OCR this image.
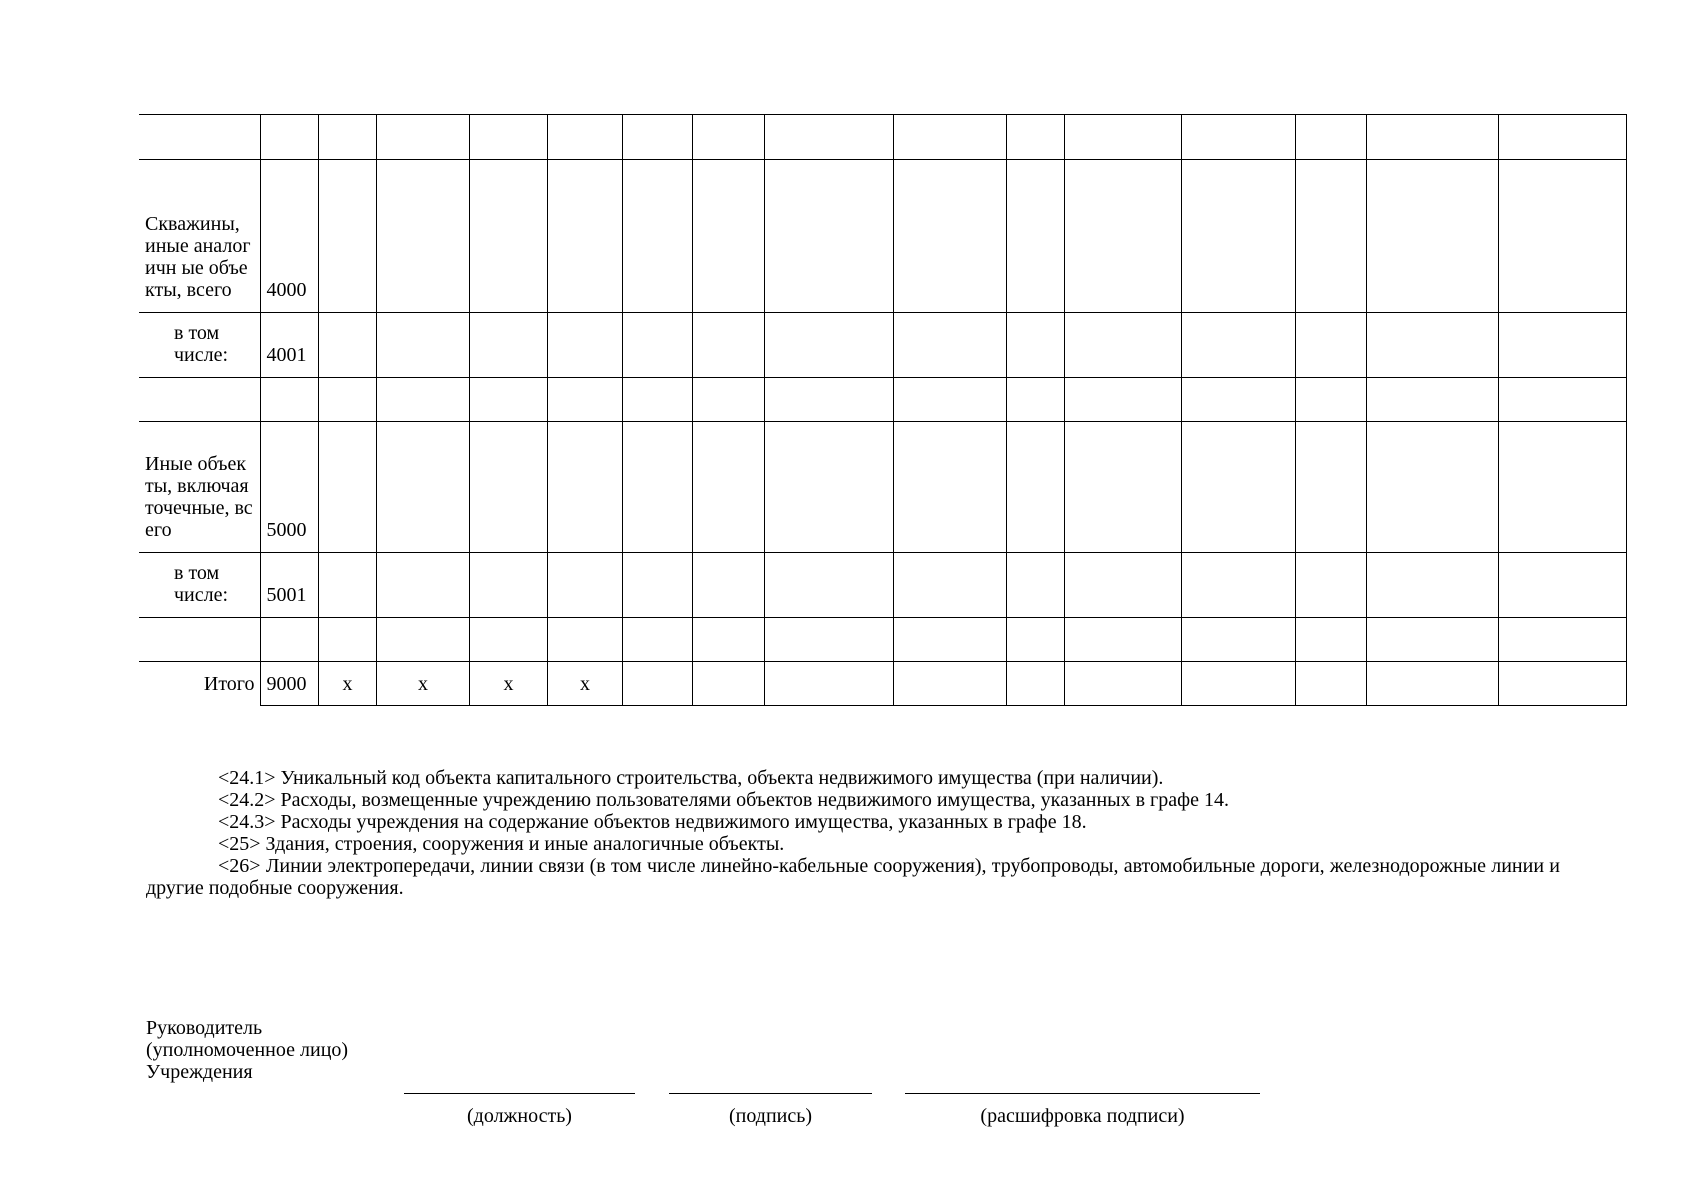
Скважины, иные аналогичн ые объекты, всего	4000														
в том числе:	4001														

Иные объекты, включая точечные, всего	5000														
в том числе:	5001														

Итого	9000	x	x	x	x										

<24.1> Уникальный код объекта капитального строительства, объекта недвижимого имущества (при наличии).

<24.2> Расходы, возмещенные учреждению пользователями объектов недвижимого имущества, указанных в графе 14.

<24.3> Расходы учреждения на содержание объектов недвижимого имущества, указанных в графе 18.

<25> Здания, строения, сооружения и иные аналогичные объекты.

<26> Линии электропередачи, линии связи (в том числе линейно-кабельные сооружения), трубопроводы, автомобильные дороги, железнодорожные линии и другие подобные сооружения.

Руководитель
(уполномоченное лицо)
Учреждения
(должность)	(подпись)	(расшифровка подписи)
